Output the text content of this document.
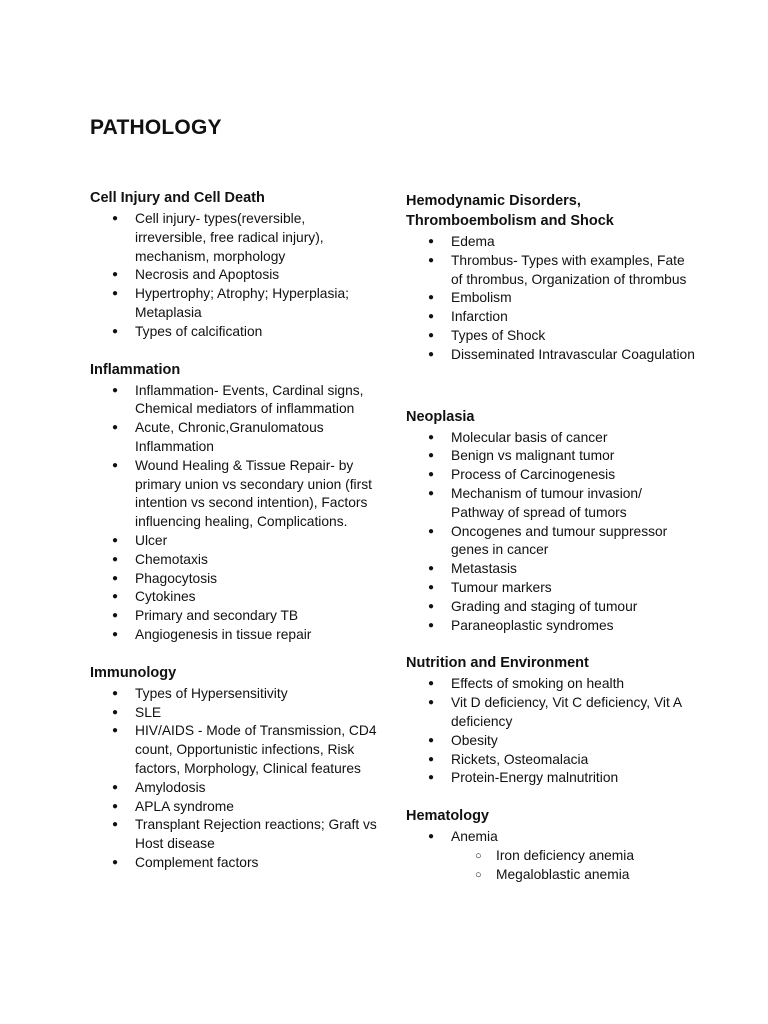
PATHOLOGY
Cell Injury and Cell Death
● Cell injury- types(reversible, irreversible, free radical injury), mechanism, morphology
● Necrosis and Apoptosis
● Hypertrophy; Atrophy; Hyperplasia; Metaplasia
● Types of calcification
Inflammation
● Inflammation- Events, Cardinal signs, Chemical mediators of inflammation
● Acute, Chronic,Granulomatous Inflammation
● Wound Healing & Tissue Repair- by primary union vs secondary union (first intention vs second intention), Factors influencing healing, Complications.
● Ulcer
● Chemotaxis
● Phagocytosis
● Cytokines
● Primary and secondary TB
● Angiogenesis in tissue repair
Immunology
● Types of Hypersensitivity
● SLE
● HIV/AIDS - Mode of Transmission, CD4 count, Opportunistic infections, Risk factors, Morphology, Clinical features
● Amylodosis
● APLA syndrome
● Transplant Rejection reactions; Graft vs Host disease
● Complement factors
Hemodynamic Disorders, Thromboembolism and Shock
● Edema
● Thrombus- Types with examples, Fate of thrombus, Organization of thrombus
● Embolism
● Infarction
● Types of Shock
● Disseminated Intravascular Coagulation
Neoplasia
● Molecular basis of cancer
● Benign vs malignant tumor
● Process of Carcinogenesis
● Mechanism of tumour invasion/ Pathway of spread of tumors
● Oncogenes and tumour suppressor genes in cancer
● Metastasis
● Tumour markers
● Grading and staging of tumour
● Paraneoplastic syndromes
Nutrition and Environment
● Effects of smoking on health
● Vit D deficiency, Vit C deficiency, Vit A deficiency
● Obesity
● Rickets, Osteomalacia
● Protein-Energy malnutrition
Hematology
● Anemia
○ Iron deficiency anemia
○ Megaloblastic anemia
